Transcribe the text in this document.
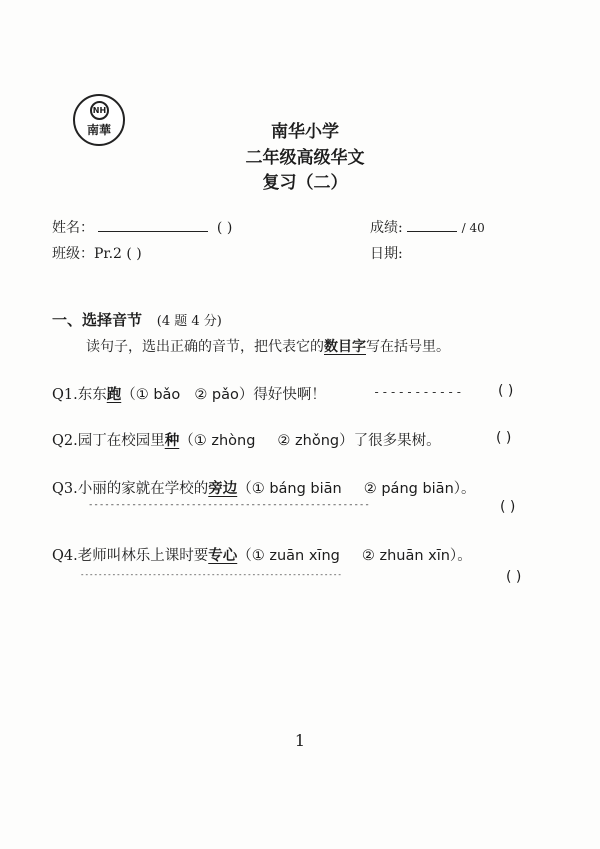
NH
南華	南华小学
二年级高级华文
复习（二）
姓名：	( )	成绩:	/ 40
班级：Pr.2 ( )	日期:
一、选择音节 (4 题 4 分)
读句子，选出正确的音节，把代表它的数目字写在括号里。
Q1.东东跑（① bǎo ② pǎo）得好快啊！	----------- ( )
Q2.园丁在校园里种（① zhòng ② zhǒng）了很多果树。	( )
Q3.小丽的家就在学校的旁边（① báng biān ② páng biān）。
----------------------------------------------------	( )
Q4.老师叫林乐上课时要专心（① zuān xīng ② zhuān xīn）。
----------------------------------------------------------	( )
1
